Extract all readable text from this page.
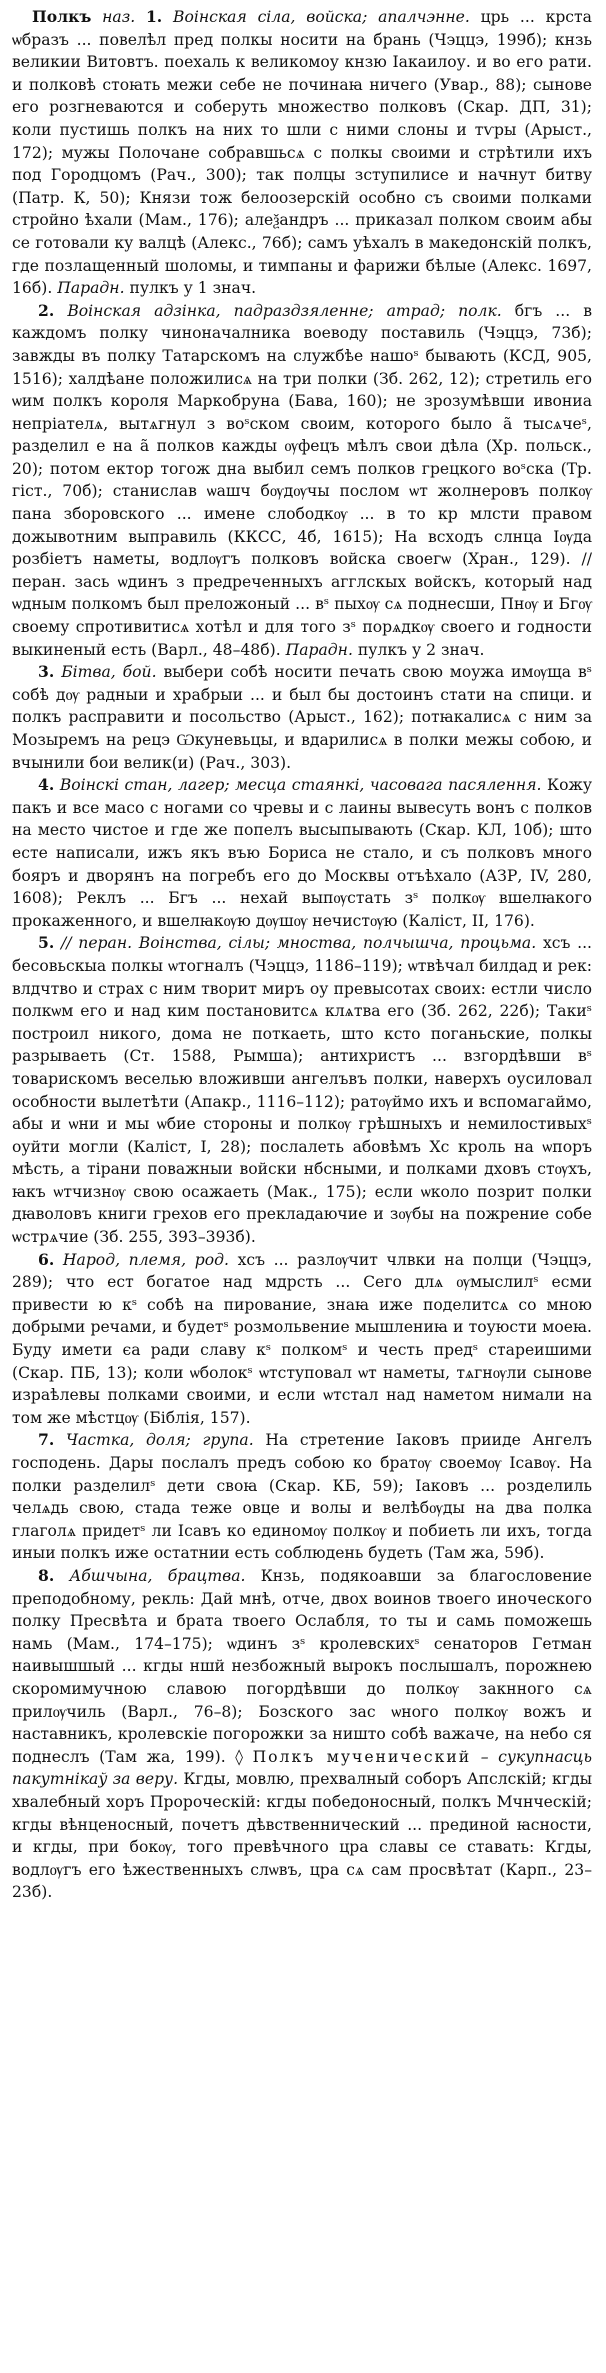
Полкъ наз. 1. Воінская сіла, войска; апалчэнне. црь ... крста ѡбразъ ... повелѣл пред полкы носити на брань (Чэццэ, 199б); кнзь великии Витовтъ. поехаль к великомоу кнзю Іакаилоу. и во его рати. и полковѣ стоꙗть межи себе не починаꙗ ничего (Увар., 88); сынове его розгневаются и соберуть множество полковъ (Скар. ДП, 31); коли пустишь полкъ на них то шли с ними слоны и тѵры (Арыст., 172); мужы Полочане собравшьсѧ с полкы своими и стрѣтили ихъ под Городцомъ (Рач., 300); так полцы зступилисе и начнут битву (Патр. К, 50); Князи тож белоозерскій особно съ своими полками стройно ѣхали (Мам., 176); алеѯандръ ... приказал полком своим абы се готовали ку валцѣ (Алекс., 76б); самъ уѣхалъ в македонскій полкъ, где позлащенный шоломы, и тимпаны и фарижи бѣлые (Алекс. 1697, 16б). Парадн. пулкъ у 1 знач.

2. Воінская адзінка, падраздзяленне; атрад; полк. бгъ ... в каждомъ полку чиноначалника воеводу поставиль (Чэццэ, 73б); завжды въ полку Татарскомъ на службѣе нашоˢ бывають (КСД, 905, 1516); халдѣане положилисѧ на три полки (Зб. 262, 12); стретиль его ѡим полкъ короля Маркобруна (Бава, 160); не зрозумѣвши ивониа непріателѧ, вытѧгнул з воˢском своим, которого было а̃ тысѧчеˢ, разделил е на а̃ полков кажды ѹфецъ мѣлъ свои дѣла (Хр. польск., 20); потом ектор тогож дна выбил семъ полков грецкого воˢска (Тр. гіст., 70б); станислав ѡашч бѹдѹчы послом ѡт жолнеровъ полкѹ пана зборовского ... имене слободкѹ ... в то кр млсти правом дожывотним выправиль (ККСС, 4б, 1615); На всходъ слнца Іѹда розбіетъ наметы, водлѹгъ полковъ войска своегѡ (Хран., 129). // перан. зась ѡдинъ з предреченныхъ агглскых войскъ, который над ѡдным полкомъ был преложоный ... вˢ пыхѹ сѧ поднесши, Пнѹ и Бгѹ своему спротивитисѧ хотѣл и для того зˢ порѧдкѹ своего и годности выкиненый есть (Варл., 48–48б). Парадн. пулкъ у 2 знач.

3. Бітва, бой. выбери собѣ носити печать свою моужа имѹща вˢ собѣ дѹ радныи и храбрыи ... и был бы достоинъ стати на спици. и полкъ расправити и посольство (Арыст., 162); потꙗкалисѧ с ним за Мозыремъ на рецэ Ѡкуневьцы, и вдарилисѧ в полки межы собою, и вчынили бои велик(и) (Рач., 303).

4. Воінскі стан, лагер; месца стаянкі, часовага пасялення. Кожу пакъ и все масо с ногами со чревы и с лаины вывесуть вонъ с полков на место чистое и где же попелъ высыпывають (Скар. КЛ, 10б); што есте написали, ижъ якъ въю Бориса не стало, и съ полковъ много бояръ и дворянъ на погребъ его до Москвы отъѣхало (АЗР, IV, 280, 1608); Реклъ ... Бгъ ... нехай выпѹстать зˢ полкѹ вшелꙗкого прокаженного, и вшелꙗкѹю дѹшѹ нечистѹю (Каліст, II, 176).

5. // перан. Воінства, сілы; мноства, полчышча, процьма. хсъ ... бесовьскыа полкы ѡтогналъ (Чэццэ, 1186–119); ѡтвѣчал билдад и рек: влдчтво и страх с ним творит миръ оу превысотах своих: естли число полкѡм его и над ким постановитсѧ клѧтва его (Зб. 262, 22б); Такиˢ построил никого, дома не поткаеть, што ксто поганьские, полкы разрываеть (Ст. 1588, Рымша); антихристъ ... взгордѣвши вˢ товарискомъ веселью вложивши ангелъвъ полки, наверхъ оусиловал особности вылетѣти (Апакр., 1116–112); ратѹймо ихъ и вспомагаймо, абы и ѡни и мы ѡбие стороны и полкѹ грѣшныхъ и немилостивыхˢ оуйти могли (Каліст, I, 28); послалеть абовѣмъ Хс кроль на ѡпоръ мѣсть, а тірани поважныи войски нбсными, и полками дховъ стѹхъ, ꙗкъ ѡтчизнѹ свою осажаеть (Мак., 175); если ѡколо позрит полки дꙗволовъ книги грехов его прекладаючие и зѹбы на пожрение собе ѡстрѧчие (Зб. 255, 393–393б).

6. Народ, племя, род. хсъ ... разлѹчит члвки на полци (Чэццэ, 289); что ест богатое над мдрсть ... Сего длѧ ѹмыслилˢ есми привести ю кˢ собѣ на пирование, знаꙗ иже поделитсѧ со мною добрыми речами, и будетˢ розмольвение мышлениꙗ и тоуюсти моеꙗ. Буду имети єа ради славу кˢ полкомˢ и честь предˢ стареишими (Скар. ПБ, 13); коли ѡболокˢ ѡтступовал ѡт наметы, тѧгнѹли сынове израѣлевы полками своими, и если ѡтстал над наметом нимали на том же мѣстцѹ (Біблія, 157).

7. Частка, доля; група. На стретение Іаковъ прииде Ангелъ господень. Дары послалъ предъ собою ко братѹ своемѹ Ісавѹ. На полки разделилˢ дети своꙗ (Скар. КБ, 59); Іаковъ ... розделиль челѧдь свою, стада теже овце и волы и велѣбѹды на два полка глаголѧ придетˢ ли Ісавъ ко единомѹ полкѹ и побиеть ли ихъ, тогда иныи полкъ иже остатнии есть соблюдень будеть (Там жа, 59б).

8. Абшчына, брацтва. Кнзь, подякоавши за благословение преподобному, рекль: Дай мнѣ, отче, двох воинов твоего иноческого полку Пресвѣта и брата твоего Ослабля, то ты и самь поможешь намь (Мам., 174–175); ѡдинъ зˢ кролевскихˢ сенаторов Гетман наивышшый ... кгды ншй незбожный вырокъ послышалъ, порожнею скоромимучною славою погордѣвши до полкѹ закнного сѧ прилѹчиль (Варл., 76–8); Бозского зас ѡного полкѹ вожъ и наставникъ, кролевскіе погорожки за ништо собѣ важаче, на небо ся поднеслъ (Там жа, 199). ◊ Полкъ мученический – сукупнасць пакутнікаў за веру. Кгды, мовлю, прехвалный соборъ Апслскій; кгды хвалебный хоръ Пророческій: кгды победоносный, полкъ Мчнческій; кгды вѣнценосный, почетъ дѣвственнический ... прединой ꙗсности, и кгды, при бокѹ, того превѣчного цра славы се ставать: Кгды, водлѹгъ его ѣжественныхъ слѡвъ, цра сѧ сам просвѣтат (Карп., 23–23б).
